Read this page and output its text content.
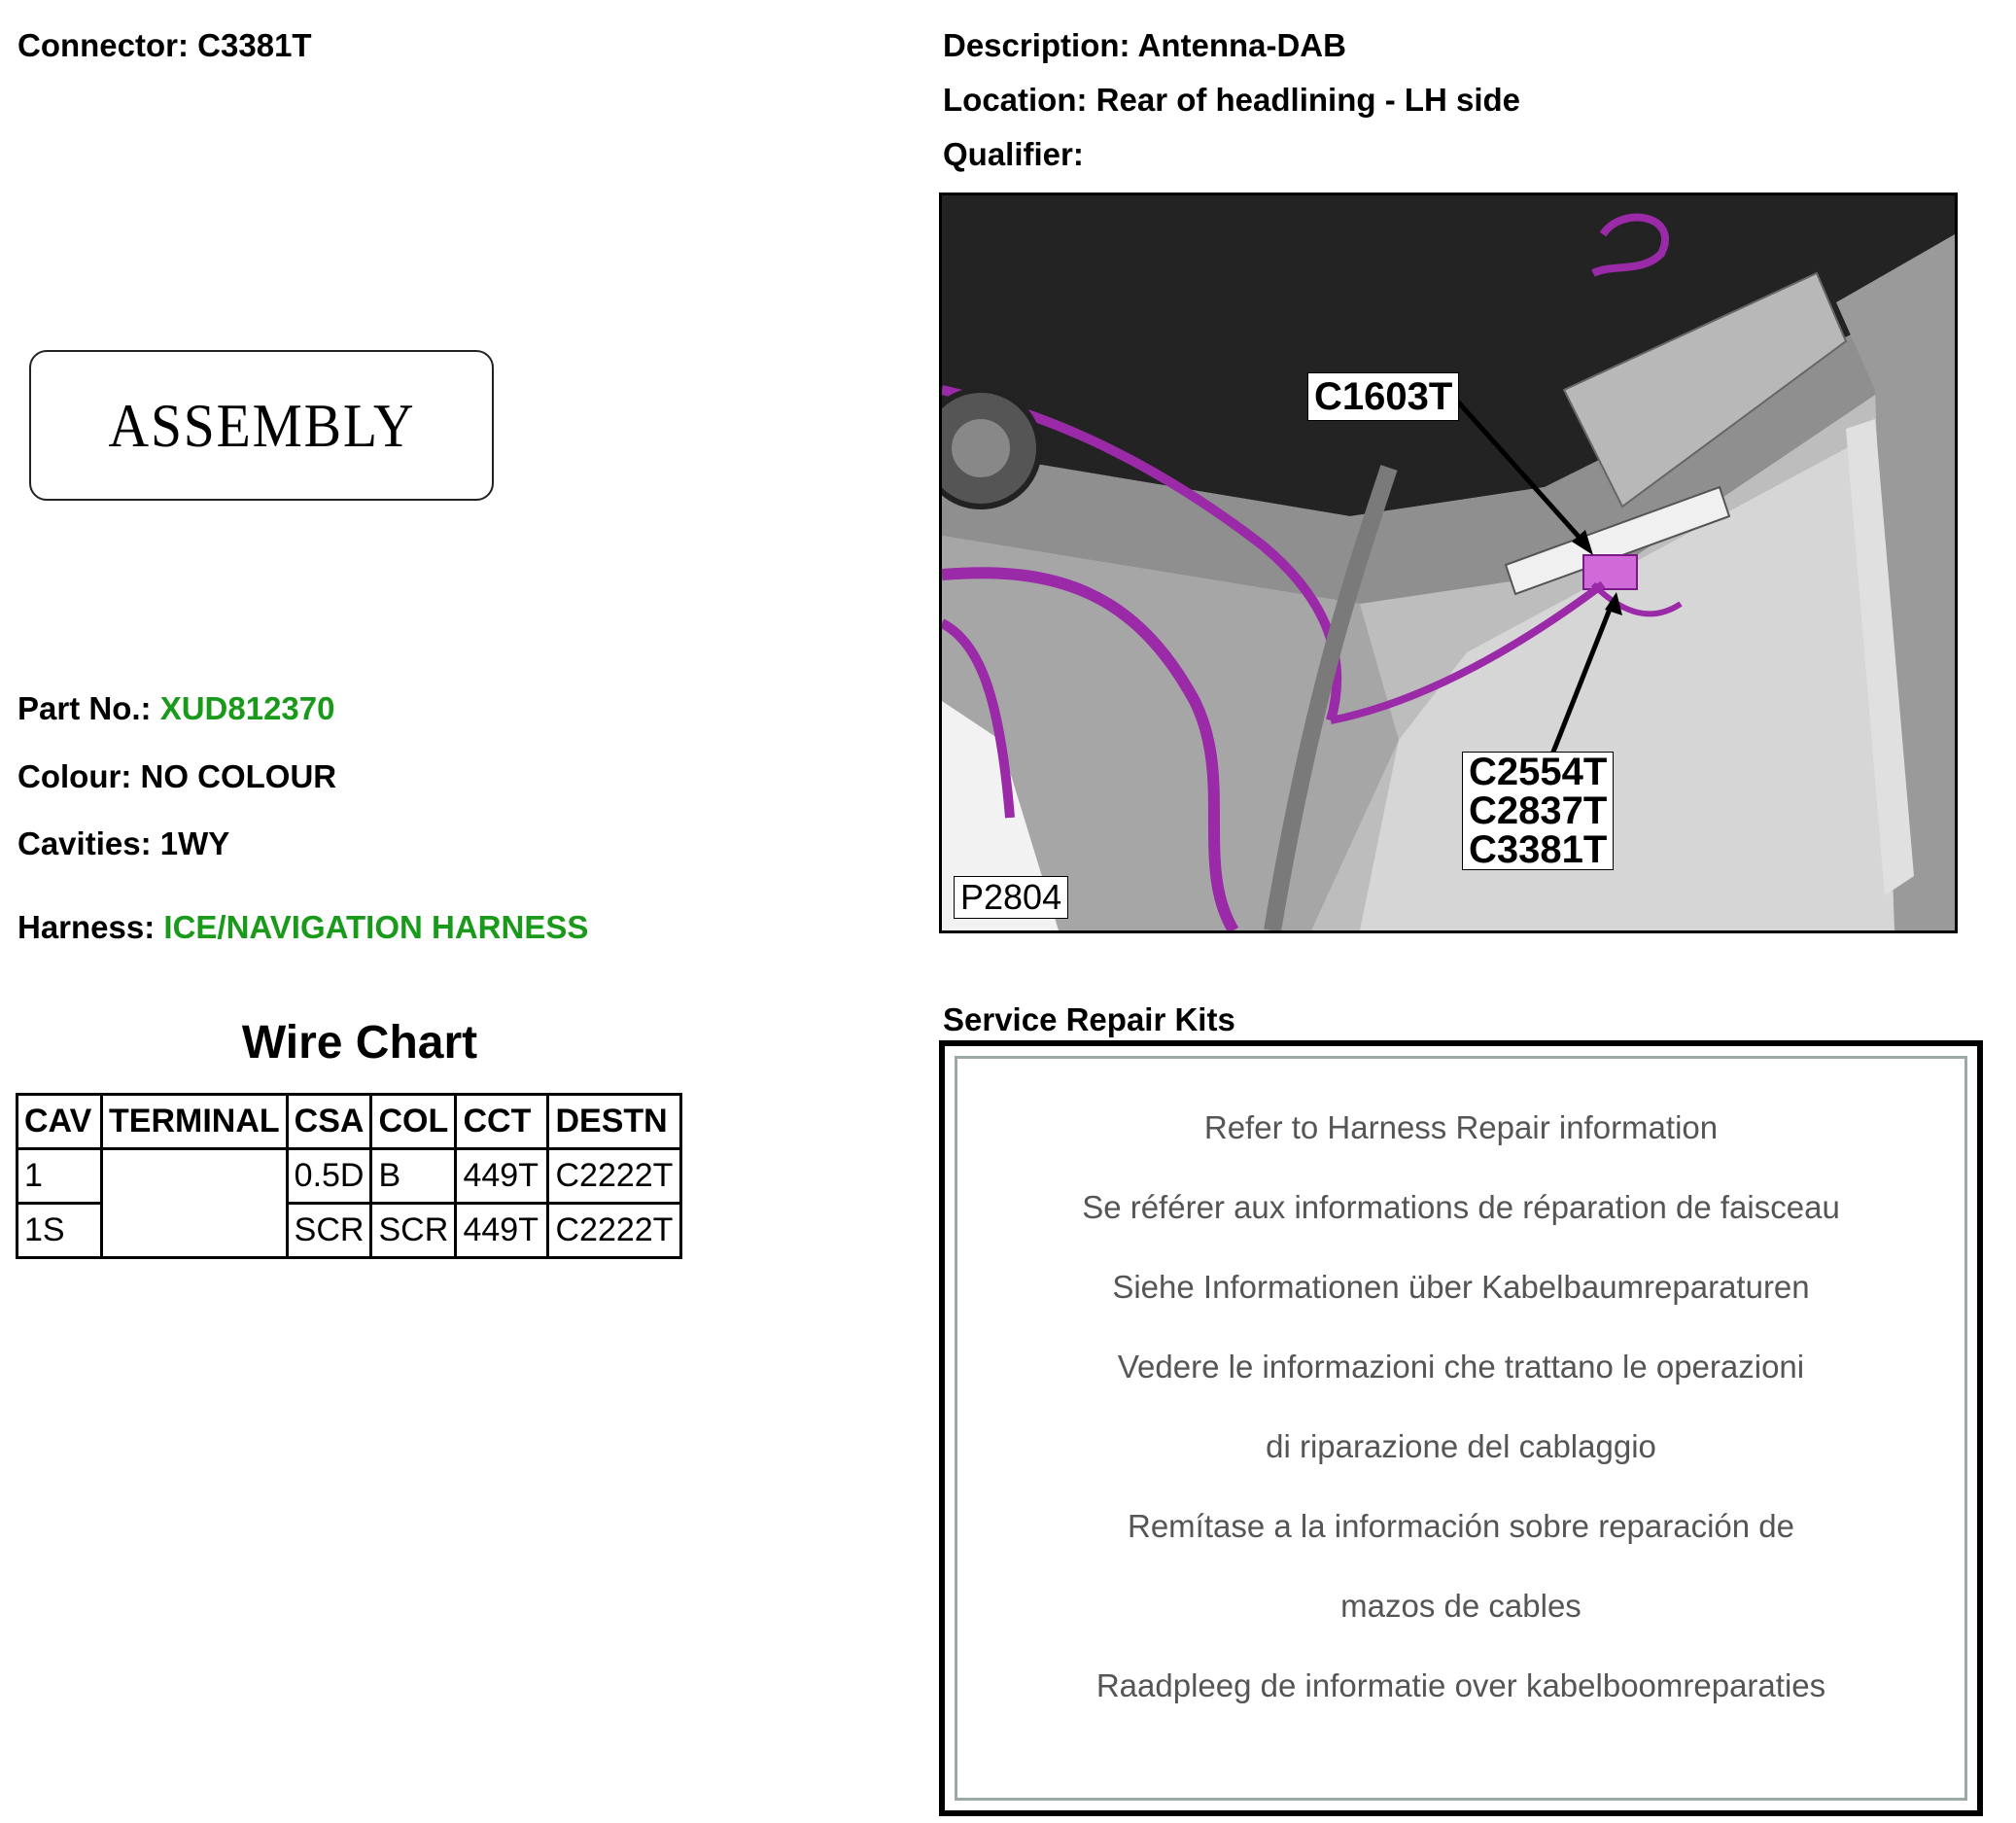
Connector: C3381T	Description: Antenna-DAB
Location: Rear of headlining - LH side
Qualifier:
ASSEMBLY
Part No.: XUD812370
Colour: NO COLOUR
Cavities: 1WY
Harness: ICE/NAVIGATION HARNESS
Wire Chart
CAV	TERMINAL	CSA	COL	CCT	DESTN
1		0.5D	B	449T	C2222T
1S		SCR	SCR	449T	C2222T
C1603T
C2554T
C2837T
C3381T
P2804
Service Repair Kits
Refer to Harness Repair information
Se référer aux informations de réparation de faisceau
Siehe Informationen über Kabelbaumreparaturen
Vedere le informazioni che trattano le operazioni
di riparazione del cablaggio
Remítase a la información sobre reparación de
mazos de cables
Raadpleeg de informatie over kabelboomreparaties
